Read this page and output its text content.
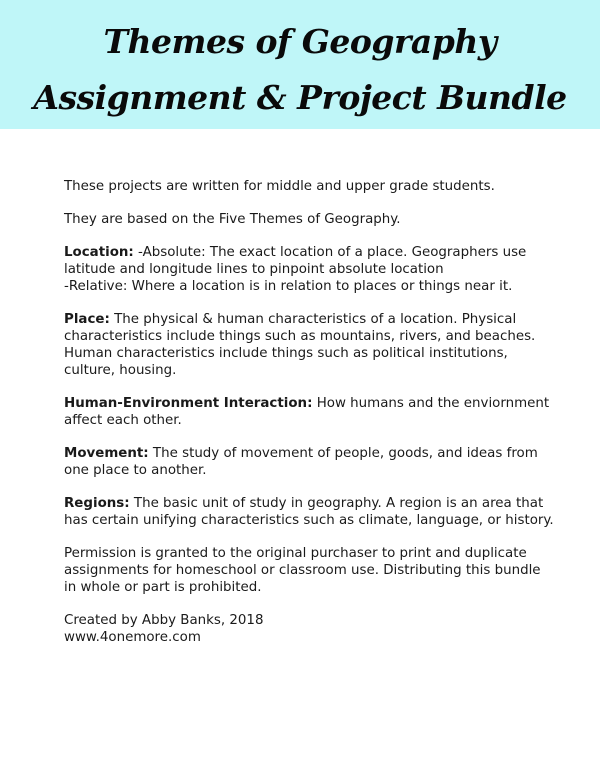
Themes of Geography
Assignment & Project Bundle

These projects are written for middle and upper grade students.

They are based on the Five Themes of Geography.

Location: -Absolute: The exact location of a place. Geographers use latitude and longitude lines to pinpoint absolute location

-Relative: Where a location is in relation to places or things near it.

Place: The physical & human characteristics of a location. Physical characteristics include things such as mountains, rivers, and beaches. Human characteristics include things such as political institutions, culture, housing.

Human-Environment Interaction: How humans and the enviornment affect each other.

Movement: The study of movement of people, goods, and ideas from one place to another.

Regions: The basic unit of study in geography. A region is an area that has certain unifying characteristics such as climate, language, or history.

Permission is granted to the original purchaser to print and duplicate assignments for homeschool or classroom use. Distributing this bundle in whole or part is prohibited.

Created by Abby Banks, 2018

www.4onemore.com
